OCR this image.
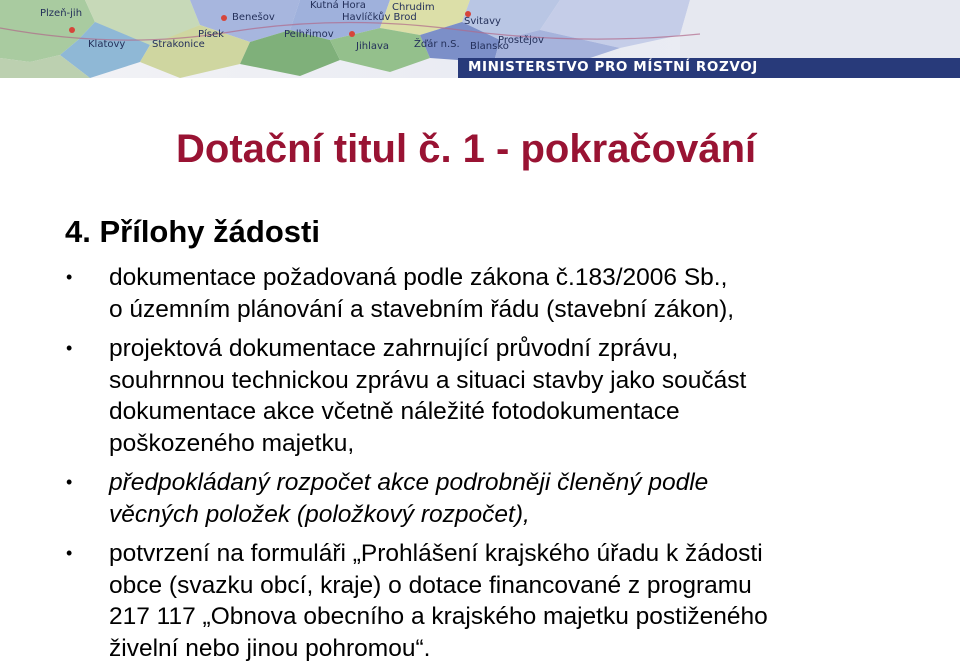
Plzeň-jih	Benešov
Kutná Hora	Chrudim
Havlíčkův Brod	Svitavy
Klatovy	Strakonice
Písek	Pelhřimov
Jihlava Žďár n.S. Blansko
Prostějov
MINISTERSTVO PRO MÍSTNÍ ROZVOJ
Dotační titul č. 1 - pokračování
4. Přílohy žádosti
• dokumentace požadovaná podle zákona č.183/2006 Sb.,
o územním plánování a stavebním řádu (stavební zákon),
• projektová dokumentace zahrnující průvodní zprávu,
souhrnnou technickou zprávu a situaci stavby jako součást
dokumentace akce včetně náležité fotodokumentace
poškozeného majetku,
• předpokládaný rozpočet akce podrobněji členěný podle
věcných položek (položkový rozpočet),
• potvrzení na formuláři „Prohlášení krajského úřadu k žádosti
obce (svazku obcí, kraje) o dotace financované z programu
217 117 „Obnova obecního a krajského majetku postiženého
živelní nebo jinou pohromou“.
